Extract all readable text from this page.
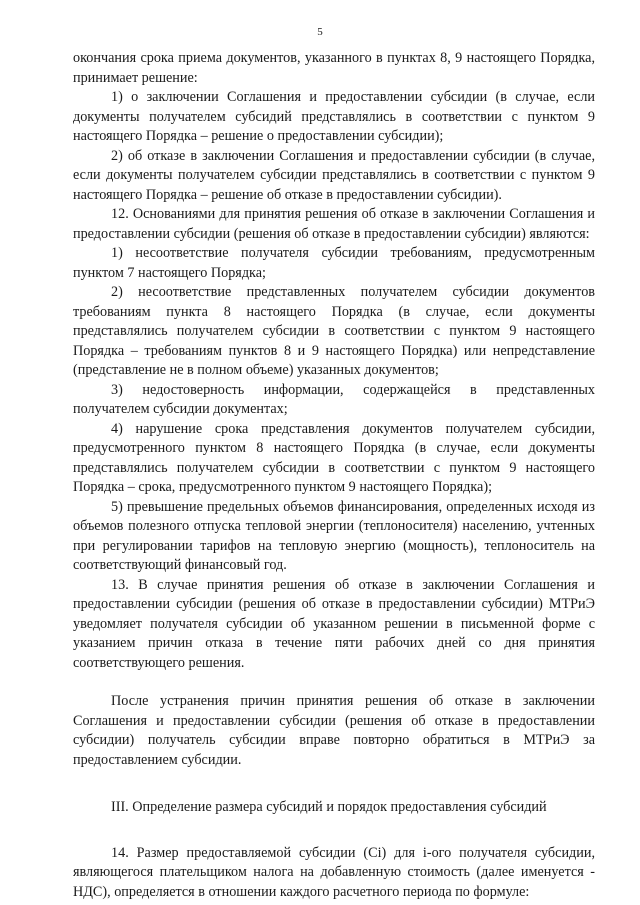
5

окончания срока приема документов, указанного в пунктах 8, 9 настоящего Порядка, принимает решение:

1) о заключении Соглашения и предоставлении субсидии (в случае, если документы получателем субсидий представлялись в соответствии с пунктом 9 настоящего Порядка – решение о предоставлении субсидии);

2) об отказе в заключении Соглашения и предоставлении субсидии (в случае, если документы получателем субсидии представлялись в соответствии с пунктом 9 настоящего Порядка – решение об отказе в предоставлении субсидии).

12. Основаниями для принятия решения об отказе в заключении Соглашения и предоставлении субсидии (решения об отказе в предоставлении субсидии) являются:

1) несоответствие получателя субсидии требованиям, предусмотренным пунктом 7 настоящего Порядка;

2) несоответствие представленных получателем субсидии документов требованиям пункта 8 настоящего Порядка (в случае, если документы представлялись получателем субсидии в соответствии с пунктом 9 настоящего Порядка – требованиям пунктов 8 и 9 настоящего Порядка) или непредставление (представление не в полном объеме) указанных документов;

3) недостоверность информации, содержащейся в представленных получателем субсидии документах;

4) нарушение срока представления документов получателем субсидии, предусмотренного пунктом 8 настоящего Порядка (в случае, если документы представлялись получателем субсидии в соответствии с пунктом 9 настоящего Порядка – срока, предусмотренного пунктом 9 настоящего Порядка);

5) превышение предельных объемов финансирования, определенных исходя из объемов полезного отпуска тепловой энергии (теплоносителя) населению, учтенных при регулировании тарифов на тепловую энергию (мощность), теплоноситель на соответствующий финансовый год.

13. В случае принятия решения об отказе в заключении Соглашения и предоставлении субсидии (решения об отказе в предоставлении субсидии) МТРиЭ уведомляет получателя субсидии об указанном решении в письменной форме с указанием причин отказа в течение пяти рабочих дней со дня принятия соответствующего решения.

После устранения причин принятия решения об отказе в заключении Соглашения и предоставлении субсидии (решения об отказе в предоставлении субсидии) получатель субсидии вправе повторно обратиться в МТРиЭ за предоставлением субсидии.

III. Определение размера субсидий и порядок предоставления субсидий

14. Размер предоставляемой субсидии (Ci) для i-ого получателя субсидии, являющегося плательщиком налога на добавленную стоимость (далее именуется - НДС), определяется в отношении каждого расчетного периода по формуле:
